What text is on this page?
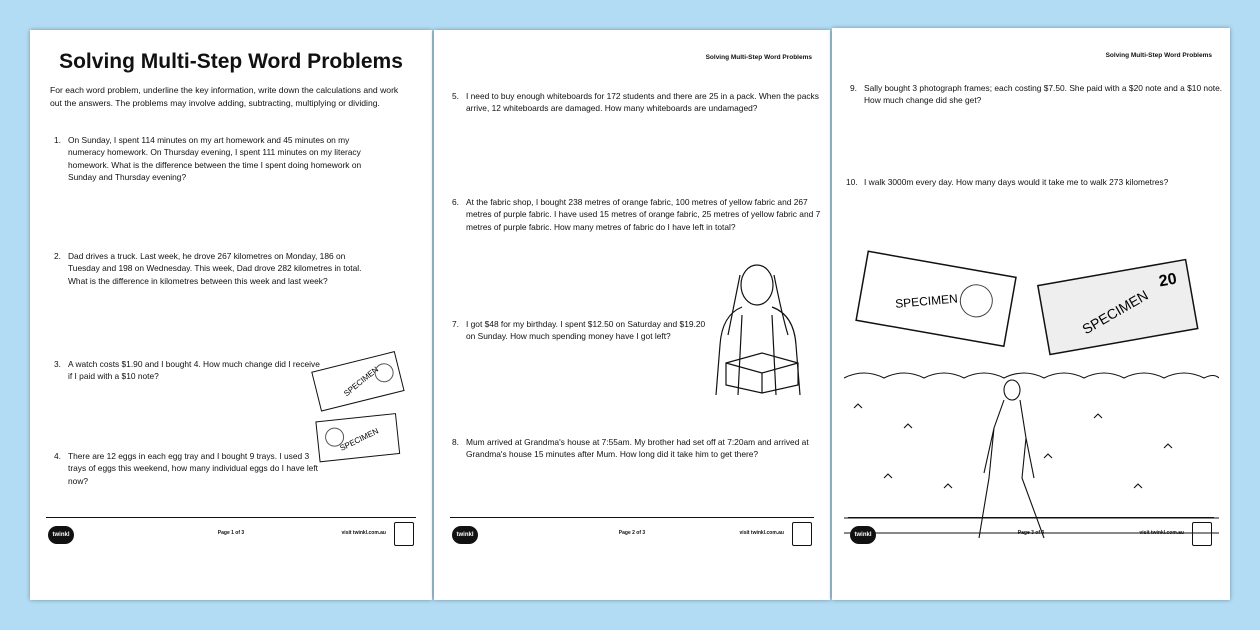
Solving Multi-Step Word Problems
For each word problem, underline the key information, write down the calculations and work out the answers. The problems may involve adding, subtracting, multiplying or dividing.
1. On Sunday, I spent 114 minutes on my art homework and 45 minutes on my numeracy homework. On Thursday evening, I spent 111 minutes on my literacy homework. What is the difference between the time I spent doing homework on Sunday and Thursday evening?
2. Dad drives a truck. Last week, he drove 267 kilometres on Monday, 186 on Tuesday and 198 on Wednesday. This week, Dad drove 282 kilometres in total. What is the difference in kilometres between this week and last week?
3. A watch costs $1.90 and I bought 4. How much change did I receive if I paid with a $10 note?
4. There are 12 eggs in each egg tray and I bought 9 trays. I used 3 trays of eggs this weekend, how many individual eggs do I have left now?
SPECIMEN
SPECIMEN
twinkl	Page 1 of 3	visit twinkl.com.au
Solving Multi-Step Word Problems
5. I need to buy enough whiteboards for 172 students and there are 25 in a pack. When the packs arrive, 12 whiteboards are damaged. How many whiteboards are undamaged?
6. At the fabric shop, I bought 238 metres of orange fabric, 100 metres of yellow fabric and 267 metres of purple fabric. I have used 15 metres of orange fabric, 25 metres of yellow fabric and 7 metres of purple fabric. How many metres of fabric do I have left in total?
7. I got $48 for my birthday. I spent $12.50 on Saturday and $19.20 on Sunday. How much spending money have I got left?
8. Mum arrived at Grandma's house at 7:55am. My brother had set off at 7:20am and arrived at Grandma's house 15 minutes after Mum. How long did it take him to get there?
twinkl	Page 2 of 3	visit twinkl.com.au
Solving Multi-Step Word Problems
9. Sally bought 3 photograph frames; each costing $7.50. She paid with a $20 note and a $10 note. How much change did she get?
10. I walk 3000m every day. How many days would it take me to walk 273 kilometres?
SPECIMEN	SPECIMEN
20
twinkl	Page 3 of 3	visit twinkl.com.au
